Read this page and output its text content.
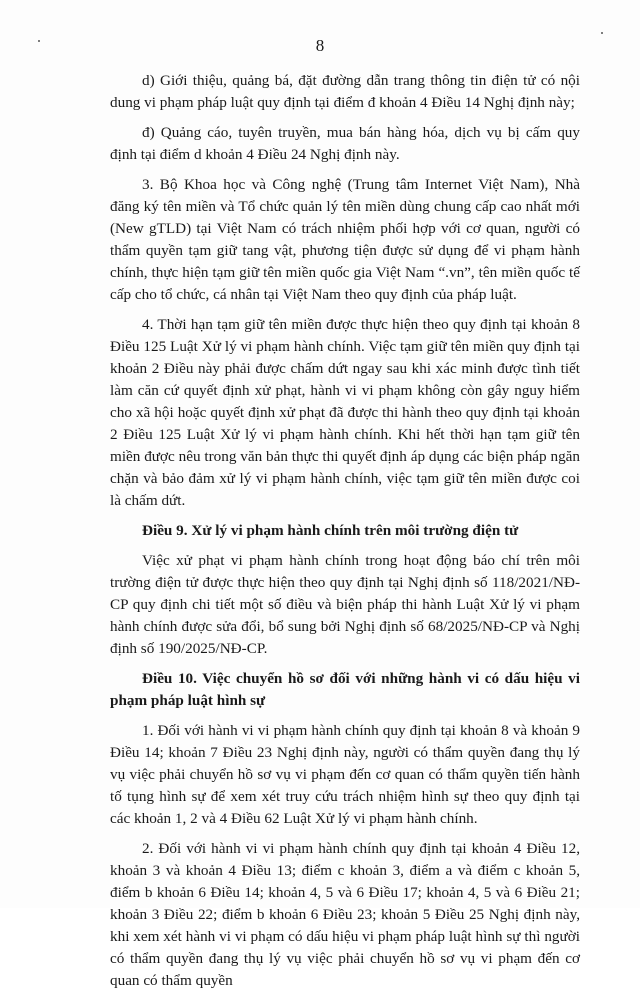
8

d) Giới thiệu, quảng bá, đặt đường dẫn trang thông tin điện tử có nội dung vi phạm pháp luật quy định tại điểm đ khoản 4 Điều 14 Nghị định này;

đ) Quảng cáo, tuyên truyền, mua bán hàng hóa, dịch vụ bị cấm quy định tại điểm d khoản 4 Điều 24 Nghị định này.

3. Bộ Khoa học và Công nghệ (Trung tâm Internet Việt Nam), Nhà đăng ký tên miền và Tổ chức quản lý tên miền dùng chung cấp cao nhất mới (New gTLD) tại Việt Nam có trách nhiệm phối hợp với cơ quan, người có thẩm quyền tạm giữ tang vật, phương tiện được sử dụng để vi phạm hành chính, thực hiện tạm giữ tên miền quốc gia Việt Nam “.vn”, tên miền quốc tế cấp cho tổ chức, cá nhân tại Việt Nam theo quy định của pháp luật.

4. Thời hạn tạm giữ tên miền được thực hiện theo quy định tại khoản 8 Điều 125 Luật Xử lý vi phạm hành chính. Việc tạm giữ tên miền quy định tại khoản 2 Điều này phải được chấm dứt ngay sau khi xác minh được tình tiết làm căn cứ quyết định xử phạt, hành vi vi phạm không còn gây nguy hiểm cho xã hội hoặc quyết định xử phạt đã được thi hành theo quy định tại khoản 2 Điều 125 Luật Xử lý vi phạm hành chính. Khi hết thời hạn tạm giữ tên miền được nêu trong văn bản thực thi quyết định áp dụng các biện pháp ngăn chặn và bảo đảm xử lý vi phạm hành chính, việc tạm giữ tên miền được coi là chấm dứt.

Điều 9. Xử lý vi phạm hành chính trên môi trường điện tử

Việc xử phạt vi phạm hành chính trong hoạt động báo chí trên môi trường điện tử được thực hiện theo quy định tại Nghị định số 118/2021/NĐ-CP quy định chi tiết một số điều và biện pháp thi hành Luật Xử lý vi phạm hành chính được sửa đổi, bổ sung bởi Nghị định số 68/2025/NĐ-CP và Nghị định số 190/2025/NĐ-CP.

Điều 10. Việc chuyển hồ sơ đối với những hành vi có dấu hiệu vi phạm pháp luật hình sự

1. Đối với hành vi vi phạm hành chính quy định tại khoản 8 và khoản 9 Điều 14; khoản 7 Điều 23 Nghị định này, người có thẩm quyền đang thụ lý vụ việc phải chuyển hồ sơ vụ vi phạm đến cơ quan có thẩm quyền tiến hành tố tụng hình sự để xem xét truy cứu trách nhiệm hình sự theo quy định tại các khoản 1, 2 và 4 Điều 62 Luật Xử lý vi phạm hành chính.

2. Đối với hành vi vi phạm hành chính quy định tại khoản 4 Điều 12, khoản 3 và khoản 4 Điều 13; điểm c khoản 3, điểm a và điểm c khoản 5, điểm b khoản 6 Điều 14; khoản 4, 5 và 6 Điều 17; khoản 4, 5 và 6 Điều 21; khoản 3 Điều 22; điểm b khoản 6 Điều 23; khoản 5 Điều 25 Nghị định này, khi xem xét hành vi vi phạm có dấu hiệu vi phạm pháp luật hình sự thì người có thẩm quyền đang thụ lý vụ việc phải chuyển hồ sơ vụ vi phạm đến cơ quan có thẩm quyền
